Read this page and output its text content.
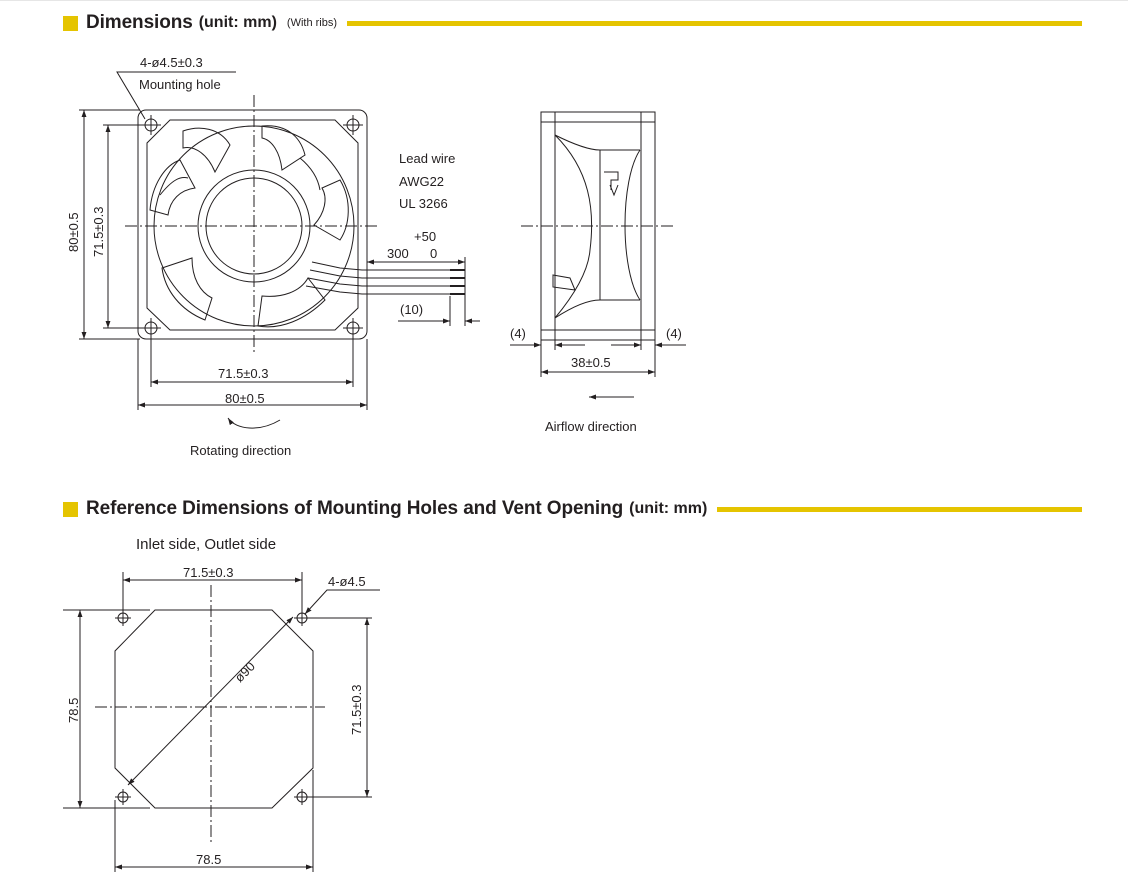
Dimensions (unit: mm) (With ribs)
Reference Dimensions of Mounting Holes and Vent Opening (unit: mm)
4-ø4.5±0.3
Mounting hole
Lead wire
AWG22
UL 3266
+50
300 0
(10)
71.5±0.3
80±0.5
Rotating direction
(4)	(4)
38±0.5
Airflow direction
80±0.5 71.5±0.3
Inlet side, Outlet side
71.5±0.3
4-ø4.5
ø90
78.5	71.5±0.3
78.5
